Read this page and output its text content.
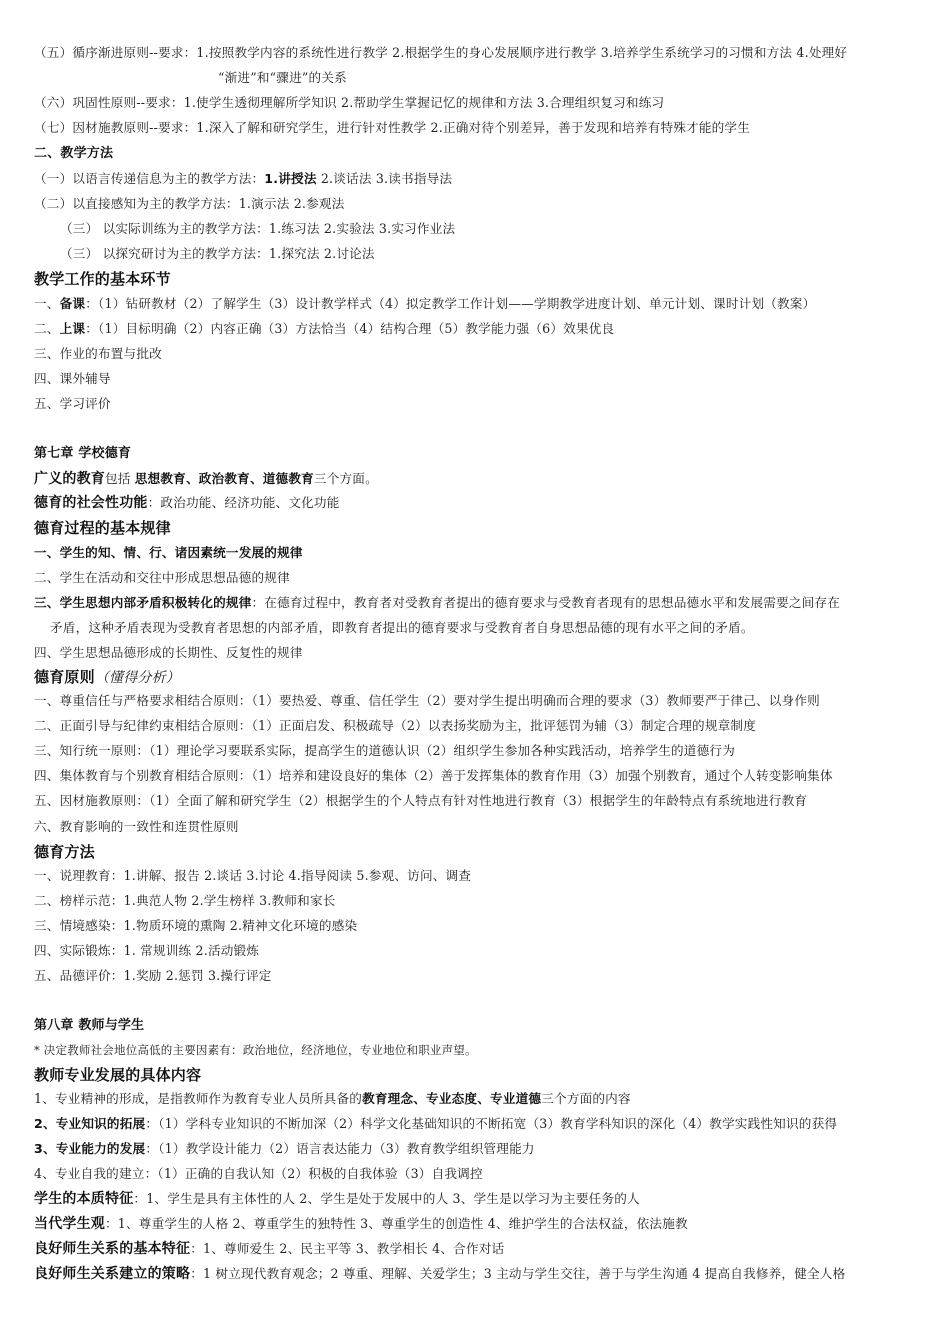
（五）循序渐进原则--要求：1.按照教学内容的系统性进行教学 2.根据学生的身心发展顺序进行教学 3.培养学生系统学习的习惯和方法 4.处理好
“渐进”和“骤进”的关系
（六）巩固性原则--要求：1.使学生透彻理解所学知识 2.帮助学生掌握记忆的规律和方法 3.合理组织复习和练习
（七）因材施教原则--要求：1.深入了解和研究学生，进行针对性教学 2.正确对待个别差异，善于发现和培养有特殊才能的学生
二、教学方法
（一）以语言传递信息为主的教学方法：1.讲授法 2.谈话法 3.读书指导法
（二）以直接感知为主的教学方法：1.演示法 2.参观法
（三） 以实际训练为主的教学方法：1.练习法 2.实验法 3.实习作业法
（三） 以探究研讨为主的教学方法：1.探究法 2.讨论法
教学工作的基本环节
一、备课：（1）钻研教材（2）了解学生（3）设计教学样式（4）拟定教学工作计划——学期教学进度计划、单元计划、课时计划（教案）
二、上课：（1）目标明确（2）内容正确（3）方法恰当（4）结构合理（5）教学能力强（6）效果优良
三、作业的布置与批改
四、课外辅导
五、学习评价
第七章 学校德育
广义的教育包括 思想教育、政治教育、道德教育三个方面。
德育的社会性功能：政治功能、经济功能、文化功能
德育过程的基本规律
一、学生的知、情、行、诸因素统一发展的规律
二、学生在活动和交往中形成思想品德的规律
三、学生思想内部矛盾积极转化的规律：在德育过程中，教育者对受教育者提出的德育要求与受教育者现有的思想品德水平和发展需要之间存在
矛盾，这种矛盾表现为受教育者思想的内部矛盾，即教育者提出的德育要求与受教育者自身思想品德的现有水平之间的矛盾。
四、学生思想品德形成的长期性、反复性的规律
德育原则（懂得分析）
一、尊重信任与严格要求相结合原则：（1）要热爱、尊重、信任学生（2）要对学生提出明确而合理的要求（3）教师要严于律己、以身作则
二、正面引导与纪律约束相结合原则：（1）正面启发、积极疏导（2）以表扬奖励为主，批评惩罚为辅（3）制定合理的规章制度
三、知行统一原则：（1）理论学习要联系实际，提高学生的道德认识（2）组织学生参加各种实践活动，培养学生的道德行为
四、集体教育与个别教育相结合原则：（1）培养和建设良好的集体（2）善于发挥集体的教育作用（3）加强个别教育，通过个人转变影响集体
五、因材施教原则：（1）全面了解和研究学生（2）根据学生的个人特点有针对性地进行教育（3）根据学生的年龄特点有系统地进行教育
六、教育影响的一致性和连贯性原则
德育方法
一、说理教育：1.讲解、报告 2.谈话 3.讨论 4.指导阅读 5.参观、访问、调查
二、榜样示范：1.典范人物 2.学生榜样 3.教师和家长
三、情境感染：1.物质环境的熏陶 2.精神文化环境的感染
四、实际锻炼：1. 常规训练 2.活动锻炼
五、品德评价：1.奖励 2.惩罚 3.操行评定
第八章 教师与学生
* 决定教师社会地位高低的主要因素有：政治地位，经济地位，专业地位和职业声望。
教师专业发展的具体内容
1、专业精神的形成，是指教师作为教育专业人员所具备的教育理念、专业态度、专业道德三个方面的内容
2、专业知识的拓展：（1）学科专业知识的不断加深（2）科学文化基础知识的不断拓宽（3）教育学科知识的深化（4）教学实践性知识的获得
3、专业能力的发展：（1）教学设计能力（2）语言表达能力（3）教育教学组织管理能力
4、专业自我的建立：（1）正确的自我认知（2）积极的自我体验（3）自我调控
学生的本质特征：1、学生是具有主体性的人 2、学生是处于发展中的人 3、学生是以学习为主要任务的人
当代学生观：1、尊重学生的人格 2、尊重学生的独特性 3、尊重学生的创造性 4、维护学生的合法权益，依法施教
良好师生关系的基本特征：1、尊师爱生 2、民主平等 3、教学相长 4、合作对话
良好师生关系建立的策略：1 树立现代教育观念；2 尊重、理解、关爱学生；3 主动与学生交往，善于与学生沟通 4 提高自我修养，健全人格
